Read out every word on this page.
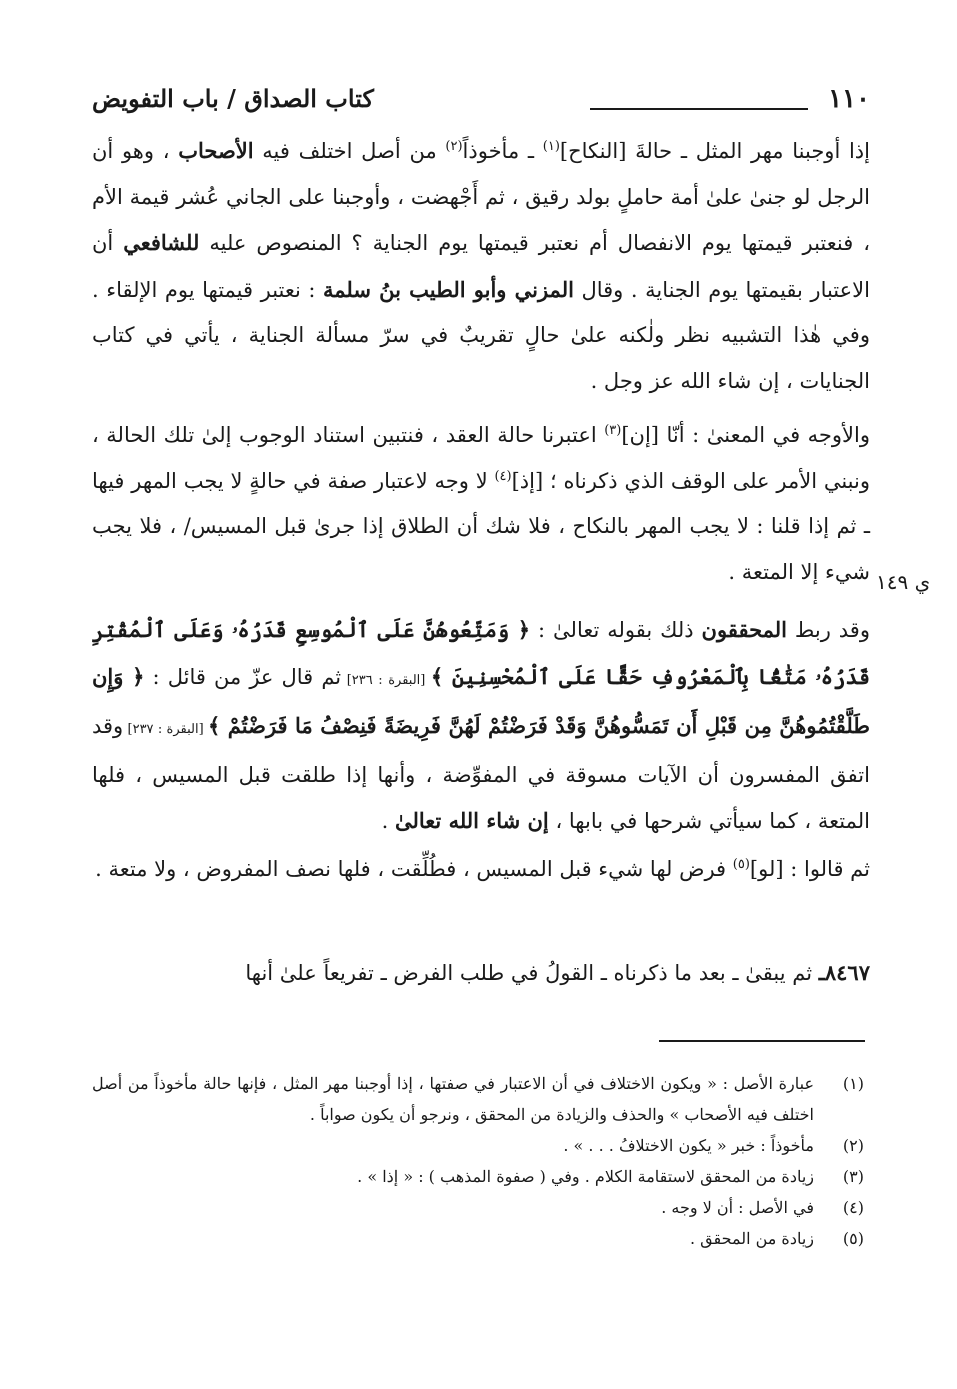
١١٠
كتاب الصداق / باب التفويض
ي ١٤٩

إذا أوجبنا مهر المثل ـ حالةَ [النكاح]$^{(١)}$ ـ مأخوذاً$^{(٢)}$ من أصل اختلف فيه الأصحاب ، وهو أن الرجل لو جنىٰ علىٰ أمة حاملٍ بولد رقيق ، ثم أَجْهضت ، وأوجبنا على الجاني عُشر قيمة الأم ، فنعتبر قيمتها يوم الانفصال أم نعتبر قيمتها يوم الجناية ؟ المنصوص عليه للشافعي أن الاعتبار بقيمتها يوم الجناية . وقال المزني وأبو الطيب بنُ سلمة : نعتبر قيمتها يوم الإلقاء . وفي هٰذا التشبيه نظر ولٰكنه علىٰ حالٍ تقريبٌ في سرّ مسألة الجناية ، يأتي في كتاب الجنايات ، إن شاء الله عز وجل .

والأوجه في المعنىٰ : أنّا [إن]$^{(٣)}$ اعتبرنا حالة العقد ، فنتبين استناد الوجوب إلىٰ تلك الحالة ، ونبني الأمر على الوقف الذي ذكرناه ؛ [إذ]$^{(٤)}$ لا وجه لاعتبار صفة في حالةٍ لا يجب المهر فيها ـ ثم إذا قلنا : لا يجب المهر بالنكاح ، فلا شك أن الطلاق إذا جرىٰ قبل المسيس/ ، فلا يجب شيء إلا المتعة .

وقد ربط المحققون ذلك بقوله تعالىٰ : ﴿ وَمَتِّعُوهُنَّ عَلَى ٱلْمُوسِعِ قَدَرُهُۥ وَعَلَى ٱلْمُقْتِرِ قَدَرُهُۥ مَتَٰعًۢا بِٱلْمَعْرُوفِ حَقًّا عَلَى ٱلْمُحْسِنِينَ ﴾ [البقرة : ٢٣٦] ثم قال عزّ من قائل : ﴿ وَإِن طَلَّقْتُمُوهُنَّ مِن قَبْلِ أَن تَمَسُّوهُنَّ وَقَدْ فَرَضْتُمْ لَهُنَّ فَرِيضَةً فَنِصْفُ مَا فَرَضْتُمْ ﴾ [البقرة : ٢٣٧] وقد اتفق المفسرون أن الآيات مسوقة في المفوِّضة ، وأنها إذا طلقت قبل المسيس ، فلها المتعة ، كما سيأتي شرحها في بابها ، إن شاء الله تعالىٰ .

ثم قالوا : [لو]$^{(٥)}$ فرض لها شيء قبل المسيس ، فطُلِّقت ، فلها نصف المفروض ، ولا متعة .

٨٤٦٧ـ ثم يبقىٰ ـ بعد ما ذكرناه ـ القولُ في طلب الفرض ـ تفريعاً علىٰ أنها

(١)
عبارة الأصل : « ويكون الاختلاف في أن الاعتبار في صفتها ، إذا أوجبنا مهر المثل ، فإنها حالة مأخوذاً من أصل اختلف فيه الأصحاب » والحذف والزيادة من المحقق ، ونرجو أن يكون صواباً .

(٢)
مأخوذاً : خبر « يكون الاختلافُ . . . » .

(٣)
زيادة من المحقق لاستقامة الكلام . وفي ( صفوة المذهب ) : « إذا » .

(٤)
في الأصل : أن لا وجه .

(٥)
زيادة من المحقق .
